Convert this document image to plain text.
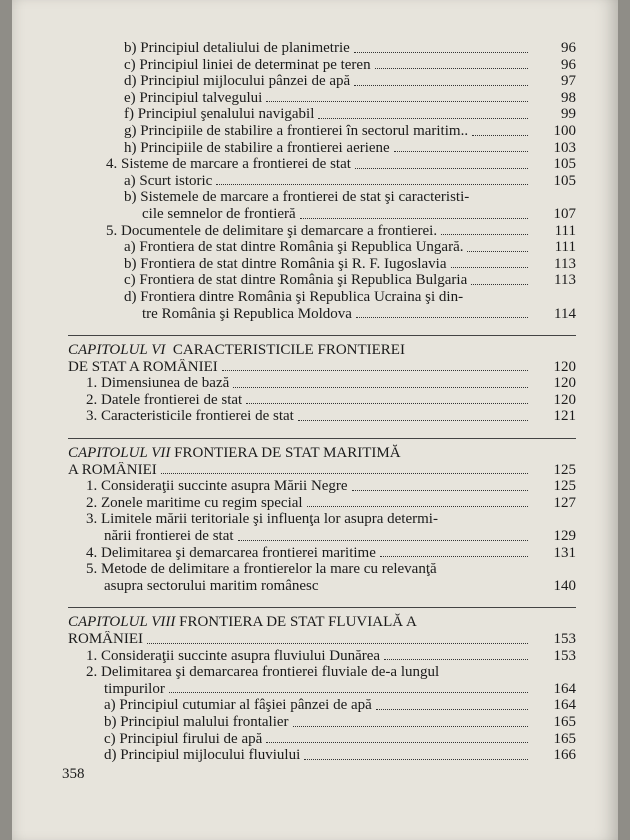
b) Principiul detaliului de planimetrie	96
c) Principiul liniei de determinat pe teren	96
d) Principiul mijlocului pânzei de apă	97
e) Principiul talvegului	98
f) Principiul şenalului navigabil	99
g) Principiile de stabilire a frontierei în sectorul maritim..	100
h) Principiile de stabilire a frontierei aeriene	103
4. Sisteme de marcare a frontierei de stat	105
a) Scurt istoric	105
b) Sistemele de marcare a frontierei de stat şi caracteristi-
cile semnelor de frontieră	107
5. Documentele de delimitare şi demarcare a frontierei.	111
a) Frontiera de stat dintre România şi Republica Ungară.	111
b) Frontiera de stat dintre România şi R. F. Iugoslavia	113
c) Frontiera de stat dintre România şi Republica Bulgaria	113
d) Frontiera dintre România şi Republica Ucraina şi din-
tre România şi Republica Moldova	114
CAPITOLUL VI CARACTERISTICILE FRONTIEREI
DE STAT A ROMÂNIEI	120
1. Dimensiunea de bază	120
2. Datele frontierei de stat	120
3. Caracteristicile frontierei de stat	121
CAPITOLUL VII FRONTIERA DE STAT MARITIMĂ
A ROMÂNIEI	125
1. Consideraţii succinte asupra Mării Negre	125
2. Zonele maritime cu regim special	127
3. Limitele mării teritoriale şi influenţa lor asupra determi-
nării frontierei de stat	129
4. Delimitarea şi demarcarea frontierei maritime	131
5. Metode de delimitare a frontierelor la mare cu relevanţă
asupra sectorului maritim românesc	140
CAPITOLUL VIII FRONTIERA DE STAT FLUVIALĂ A
ROMÂNIEI	153
1. Consideraţii succinte asupra fluviului Dunărea	153
2. Delimitarea şi demarcarea frontierei fluviale de-a lungul
timpurilor	164
a) Principiul cutumiar al fâşiei pânzei de apă	164
b) Principiul malului frontalier	165
c) Principiul firului de apă	165
d) Principiul mijlocului fluviului	166
358
